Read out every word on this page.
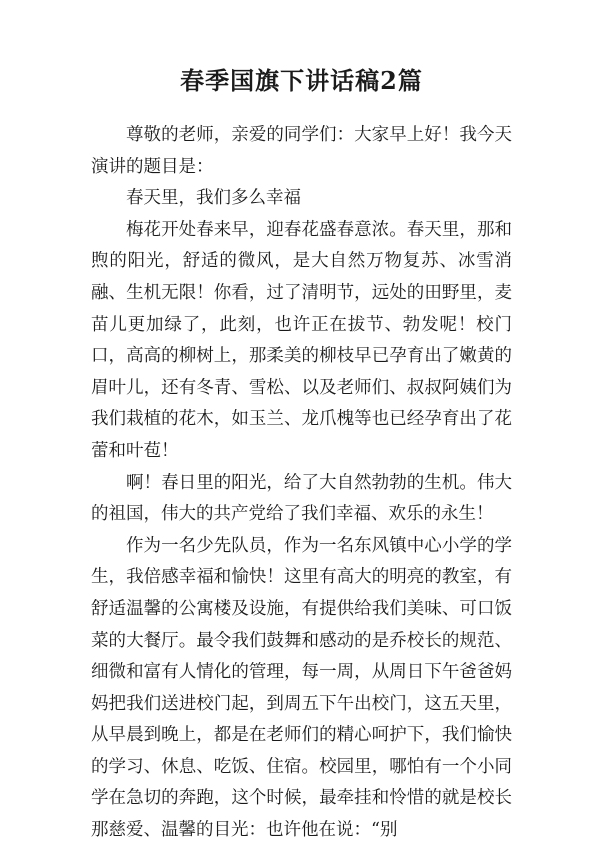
春季国旗下讲话稿2篇

尊敬的老师，亲爱的同学们：大家早上好！我今天演讲的题目是：

春天里，我们多么幸福

梅花开处春来早，迎春花盛春意浓。春天里，那和煦的阳光，舒适的微风，是大自然万物复苏、冰雪消融、生机无限！你看，过了清明节，远处的田野里，麦苗儿更加绿了，此刻，也许正在拔节、勃发呢！校门口，高高的柳树上，那柔美的柳枝早已孕育出了嫩黄的眉叶儿，还有冬青、雪松、以及老师们、叔叔阿姨们为我们栽植的花木，如玉兰、龙爪槐等也已经孕育出了花蕾和叶苞！

啊！春日里的阳光，给了大自然勃勃的生机。伟大的祖国，伟大的共产党给了我们幸福、欢乐的永生！

作为一名少先队员，作为一名东风镇中心小学的学生，我倍感幸福和愉快！这里有高大的明亮的教室，有舒适温馨的公寓楼及设施，有提供给我们美味、可口饭菜的大餐厅。最令我们鼓舞和感动的是乔校长的规范、细微和富有人情化的管理，每一周，从周日下午爸爸妈妈把我们送进校门起，到周五下午出校门，这五天里，从早晨到晚上，都是在老师们的精心呵护下，我们愉快的学习、休息、吃饭、住宿。校园里，哪怕有一个小同学在急切的奔跑，这个时候，最牵挂和怜惜的就是校长那慈爱、温馨的目光：也许他在说：“别
